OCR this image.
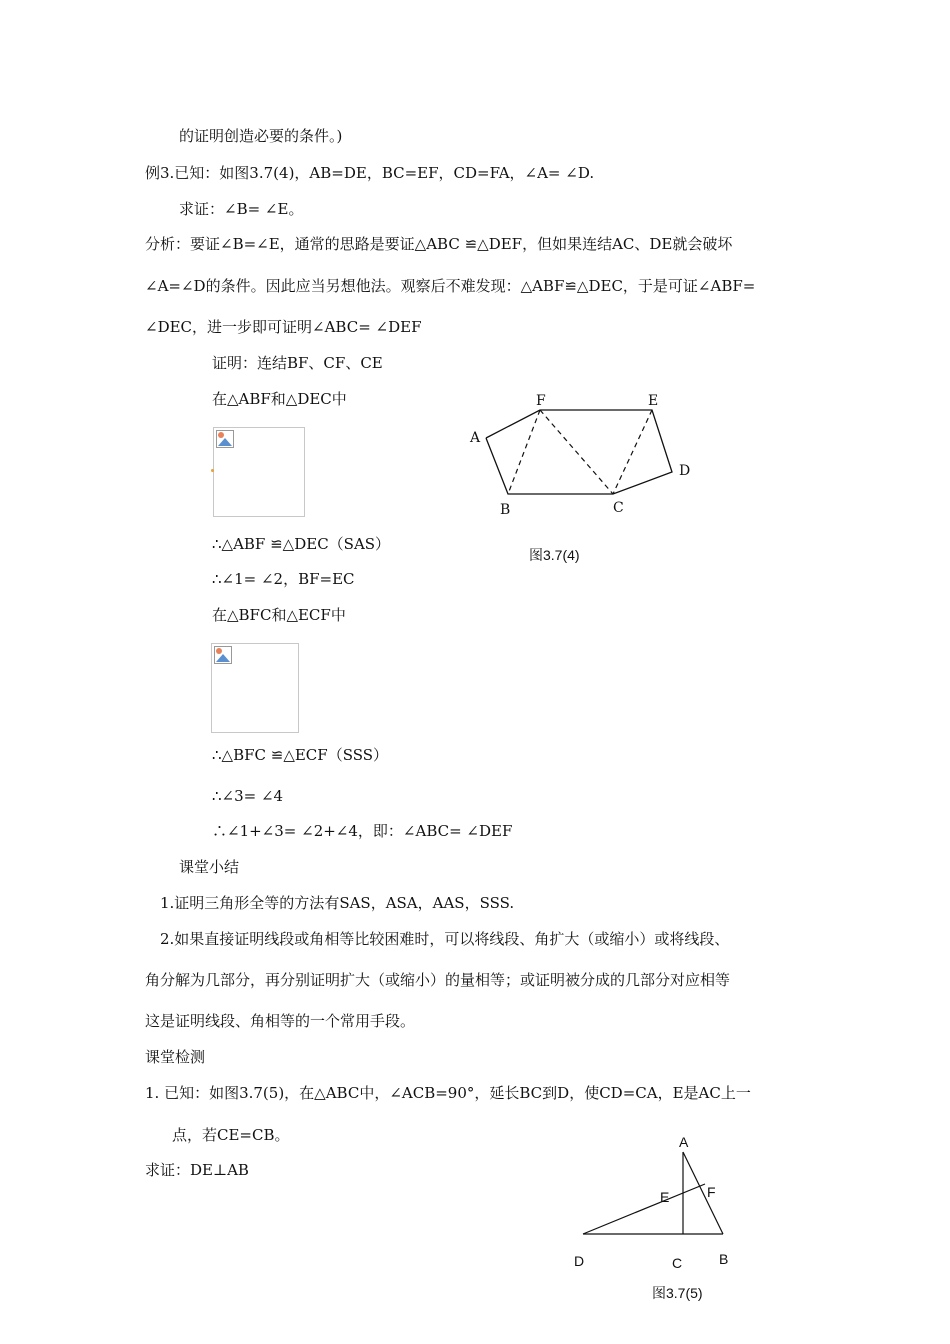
的证明创造必要的条件。)
例3.已知：如图3.7(4)，AB=DE，BC=EF，CD=FA，∠A= ∠D.
求证：∠B= ∠E。
分析：要证∠B=∠E，通常的思路是要证△ABC ≌△DEF，但如果连结AC、DE就会破坏
∠A=∠D的条件。因此应当另想他法。观察后不难发现：△ABF≌△DEC，于是可证∠ABF=
∠DEC，进一步即可证明∠ABC= ∠DEF
证明：连结BF、CF、CE
在△ABF和△DEC中
∴△ABF ≌△DEC（SAS）
∴∠1= ∠2，BF=EC
在△BFC和△ECF中
∴△BFC ≌△ECF（SSS）
∴∠3= ∠4
∴∠1+∠3= ∠2+∠4，即：∠ABC= ∠DEF
课堂小结
1.证明三角形全等的方法有SAS，ASA，AAS，SSS.
2.如果直接证明线段或角相等比较困难时，可以将线段、角扩大（或缩小）或将线段、
角分解为几部分，再分别证明扩大（或缩小）的量相等；或证明被分成的几部分对应相等
这是证明线段、角相等的一个常用手段。
课堂检测
1. 已知：如图3.7(5)，在△ABC中，∠ACB=90°，延长BC到D，使CD=CA，E是AC上一
点，若CE=CB。
求证：DE⊥AB
A
F	E
D
C
B
图3.7(4)
A
E	F
D	C	B
图3.7(5)
